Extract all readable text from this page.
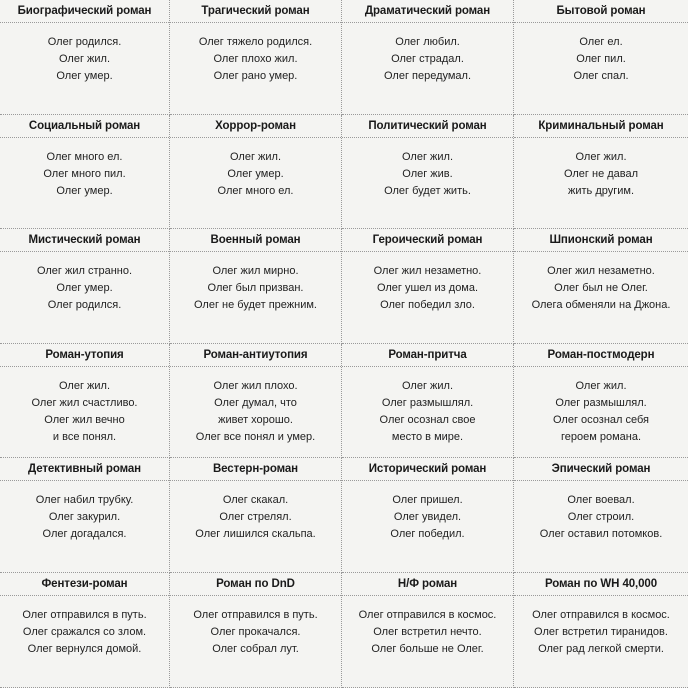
Биографический роман
Олег родился.
Олег жил.
Олег умер.
Трагический роман
Олег тяжело родился.
Олег плохо жил.
Олег рано умер.
Драматический роман
Олег любил.
Олег страдал.
Олег передумал.
Бытовой роман
Олег ел.
Олег пил.
Олег спал.
Социальный роман
Олег много ел.
Олег много пил.
Олег умер.
Хоррор-роман
Олег жил.
Олег умер.
Олег много ел.
Политический роман
Олег жил.
Олег жив.
Олег будет жить.
Криминальный роман
Олег жил.
Олег не давал
жить другим.
Мистический роман
Олег жил странно.
Олег умер.
Олег родился.
Военный роман
Олег жил мирно.
Олег был призван.
Олег не будет прежним.
Героический роман
Олег жил незаметно.
Олег ушел из дома.
Олег победил зло.
Шпионский роман
Олег жил незаметно.
Олег был не Олег.
Олега обменяли на Джона.
Роман-утопия
Олег жил.
Олег жил счастливо.
Олег жил вечно
и все понял.
Роман-антиутопия
Олег жил плохо.
Олег думал, что
живет хорошо.
Олег все понял и умер.
Роман-притча
Олег жил.
Олег размышлял.
Олег осознал свое
место в мире.
Роман-постмодерн
Олег жил.
Олег размышлял.
Олег осознал себя
героем романа.
Детективный роман
Олег набил трубку.
Олег закурил.
Олег догадался.
Вестерн-роман
Олег скакал.
Олег стрелял.
Олег лишился скальпа.
Исторический роман
Олег пришел.
Олег увидел.
Олег победил.
Эпический роман
Олег воевал.
Олег строил.
Олег оставил потомков.
Фентези-роман
Олег отправился в путь.
Олег сражался со злом.
Олег вернулся домой.
Роман по DnD
Олег отправился в путь.
Олег прокачался.
Олег собрал лут.
Н/Ф роман
Олег отправился в космос.
Олег встретил нечто.
Олег больше не Олег.
Роман по WH 40,000
Олег отправился в космос.
Олег встретил тиранидов.
Олег рад легкой смерти.
